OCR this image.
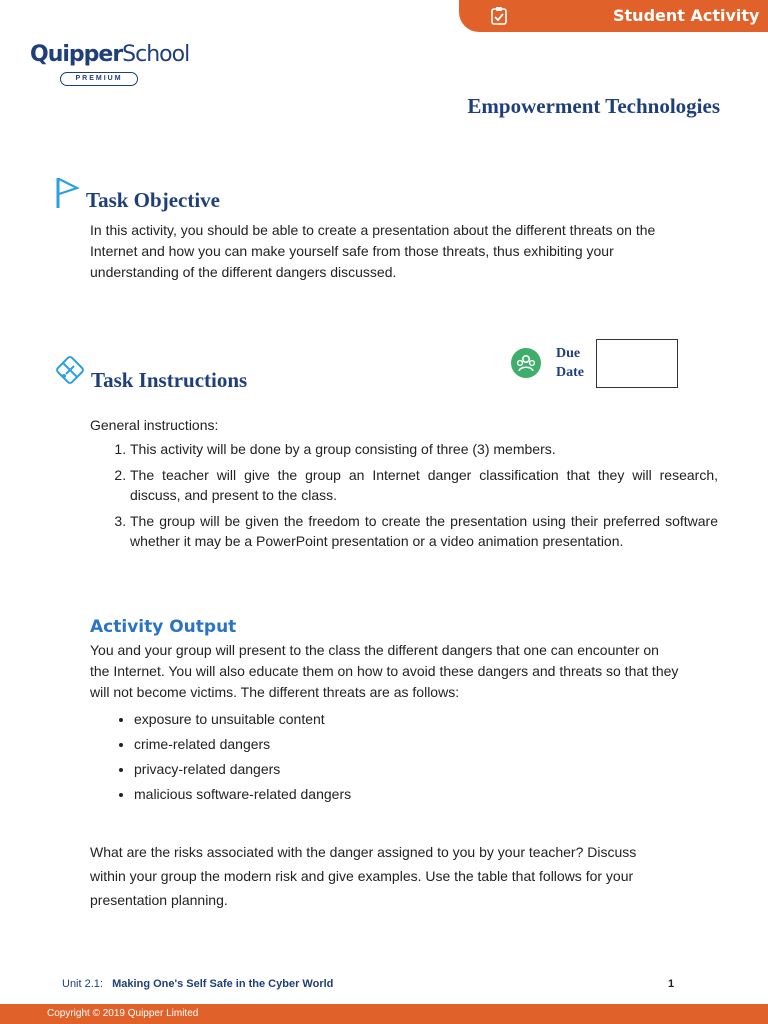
Student Activity
QuipperSchool
PREMIUM
Empowerment Technologies
Task Objective
In this activity, you should be able to create a presentation about the different threats on the Internet and how you can make yourself safe from those threats, thus exhibiting your understanding of the different dangers discussed.
Task Instructions
Due Date
General instructions:
1. This activity will be done by a group consisting of three (3) members.
2. The teacher will give the group an Internet danger classification that they will research, discuss, and present to the class.
3. The group will be given the freedom to create the presentation using their preferred software whether it may be a PowerPoint presentation or a video animation presentation.
Activity Output
You and your group will present to the class the different dangers that one can encounter on the Internet. You will also educate them on how to avoid these dangers and threats so that they will not become victims. The different threats are as follows:
• exposure to unsuitable content
• crime-related dangers
• privacy-related dangers
• malicious software-related dangers
What are the risks associated with the danger assigned to you by your teacher? Discuss within your group the modern risk and give examples. Use the table that follows for your presentation planning.
Unit 2.1: Making One's Self Safe in the Cyber World	1
Copyright © 2019 Quipper Limited
